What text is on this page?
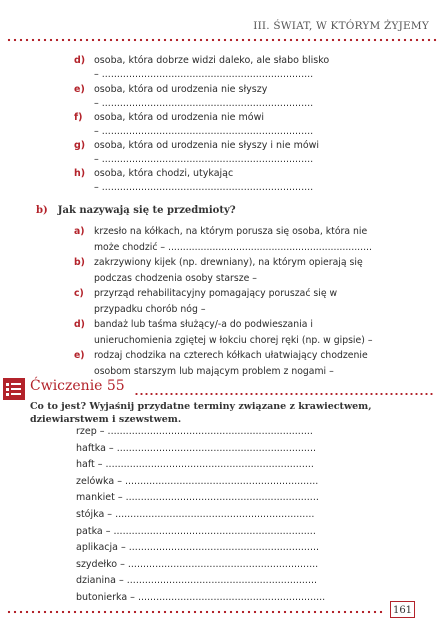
III. ŚWIAT, W KTÓRYM ŻYJEMY
d) osoba, która dobrze widzi daleko, ale słabo blisko
– ......................................................................
e) osoba, która od urodzenia nie słyszy
– ......................................................................
f) osoba, która od urodzenia nie mówi
– ......................................................................
g) osoba, która od urodzenia nie słyszy i nie mówi
– ......................................................................
h) osoba, która chodzi, utykając
– ......................................................................
b) Jak nazywają się te przedmioty?
a) krzesło na kółkach, na którym porusza się osoba, która nie może chodzić – .....................................................................
b) zakrzywiony kijek (np. drewniany), na którym opierają się podczas chodzenia osoby starsze –
c) przyrząd rehabilitacyjny pomagający poruszać się w przypadku chorób nóg –
d) bandaż lub taśma służący/-a do podwieszania i unieruchomienia zgiętej w łokciu chorej ręki (np. w gipsie) –
e) rodzaj chodzika na czterech kółkach ułatwiający chodzenie osobom starszym lub mającym problem z nogami –
Ćwiczenie 55
Co to jest? Wyjaśnij przydatne terminy związane z krawiectwem, dziewiarstwem i szewstwem.
161
rzep – ....................................................................
haftka – ..................................................................
haft – .....................................................................
zelówka – ................................................................
mankiet – ................................................................
stójka – ..................................................................
patka – ...................................................................
aplikacja – ...............................................................
szydełko – ...............................................................
dzianina – ...............................................................
butonierka – ..............................................................
